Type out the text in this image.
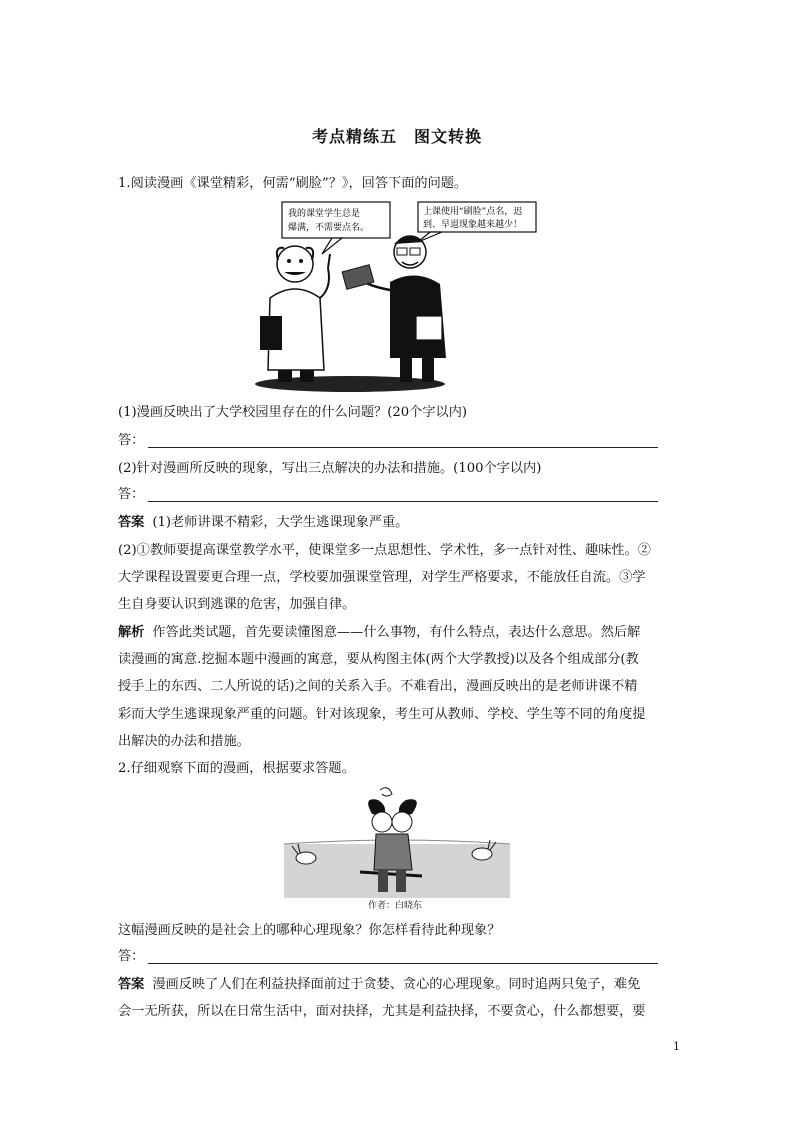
考点精练五　图文转换
1.阅读漫画《课堂精彩，何需“刷脸”？》，回答下面的问题。
我的课堂学生总是
爆满，不需要点名。
上课使用“刷脸”点名，迟
到、早退现象越来越少！
(1)漫画反映出了大学校园里存在的什么问题？(20个字以内)
答：
(2)针对漫画所反映的现象，写出三点解决的办法和措施。(100个字以内)
答：
答案 (1)老师讲课不精彩，大学生逃课现象严重。
(2)①教师要提高课堂教学水平，使课堂多一点思想性、学术性，多一点针对性、趣味性。②
大学课程设置要更合理一点，学校要加强课堂管理，对学生严格要求，不能放任自流。③学
生自身要认识到逃课的危害，加强自律。
解析 作答此类试题，首先要读懂图意——什么事物，有什么特点，表达什么意思。然后解
读漫画的寓意.挖掘本题中漫画的寓意，要从构图主体(两个大学教授)以及各个组成部分(教
授手上的东西、二人所说的话)之间的关系入手。不难看出，漫画反映出的是老师讲课不精
彩而大学生逃课现象严重的问题。针对该现象，考生可从教师、学校、学生等不同的角度提
出解决的办法和措施。
2.仔细观察下面的漫画，根据要求答题。
作者：白晓东
这幅漫画反映的是社会上的哪种心理现象？你怎样看待此种现象？
答：
答案 漫画反映了人们在利益抉择面前过于贪婪、贪心的心理现象。同时追两只兔子，难免
会一无所获，所以在日常生活中，面对抉择，尤其是利益抉择，不要贪心，什么都想要，要
1
